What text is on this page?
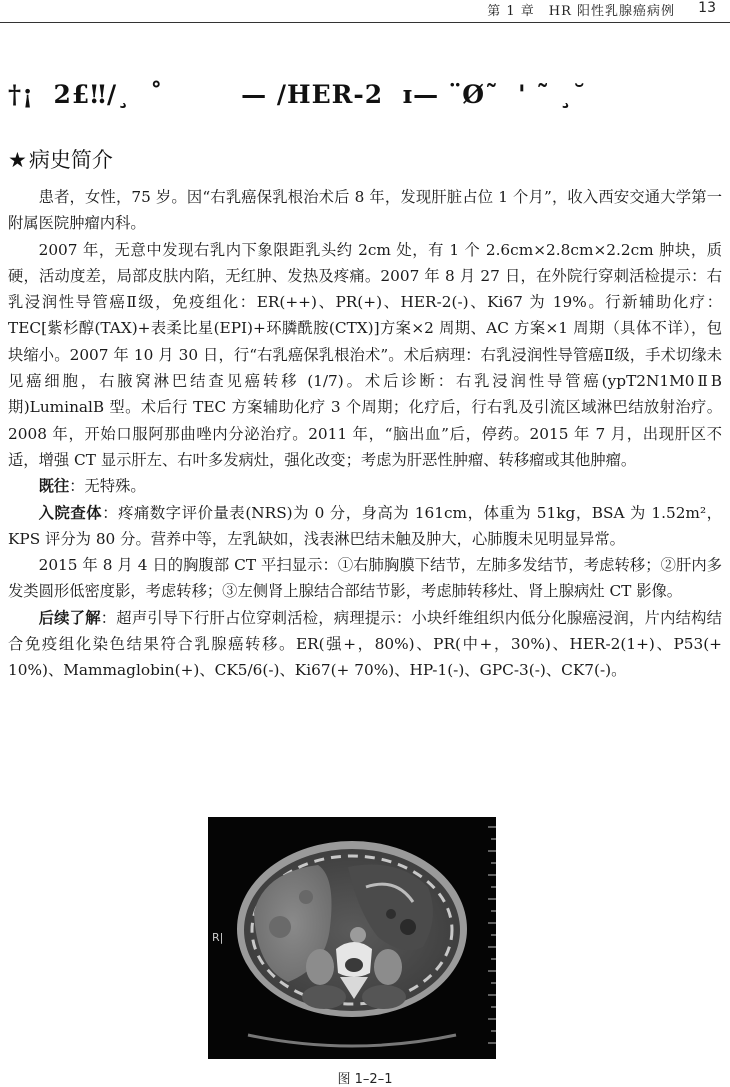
第 1 章　HR 阳性乳腺癌病例 13
†¡  2£‼/¸  ˚        — /HER-2  ɪ— ¨Ø˜  ' ˜ ¸˘
★病史简介

患者，女性，75 岁。因“右乳癌保乳根治术后 8 年，发现肝脏占位 1 个月”，收入西安交通大学第一附属医院肿瘤内科。

2007 年，无意中发现右乳内下象限距乳头约 2cm 处，有 1 个 2.6cm×2.8cm×2.2cm 肿块，质硬，活动度差，局部皮肤内陷，无红肿、发热及疼痛。2007 年 8 月 27 日，在外院行穿刺活检提示：右乳浸润性导管癌Ⅱ级，免疫组化：ER(++)、PR(+)、HER-2(-)、Ki67 为 19%。行新辅助化疗：TEC[紫杉醇(TAX)+表柔比星(EPI)+环膦酰胺(CTX)]方案×2 周期、AC 方案×1 周期（具体不详），包块缩小。2007 年 10 月 30 日，行“右乳癌保乳根治术”。术后病理：右乳浸润性导管癌Ⅱ级，手术切缘未见癌细胞，右腋窝淋巴结查见癌转移 (1/7)。术后诊断：右乳浸润性导管癌(ypT2N1M0ⅡB 期)LuminalB 型。术后行 TEC 方案辅助化疗 3 个周期；化疗后，行右乳及引流区域淋巴结放射治疗。2008 年，开始口服阿那曲唑内分泌治疗。2011 年，“脑出血”后，停药。2015 年 7 月，出现肝区不适，增强 CT 显示肝左、右叶多发病灶，强化改变；考虑为肝恶性肿瘤、转移瘤或其他肿瘤。

既往：无特殊。

入院查体：疼痛数字评价量表(NRS)为 0 分，身高为 161cm，体重为 51kg，BSA 为 1.52m²，KPS 评分为 80 分。营养中等，左乳缺如，浅表淋巴结未触及肿大，心肺腹未见明显异常。

2015 年 8 月 4 日的胸腹部 CT 平扫显示：①右肺胸膜下结节，左肺多发结节，考虑转移；②肝内多发类圆形低密度影，考虑转移；③左侧肾上腺结合部结节影，考虑肺转移灶、肾上腺病灶 CT 影像。

后续了解：超声引导下行肝占位穿刺活检，病理提示：小块纤维组织内低分化腺癌浸润，片内结构结合免疫组化染色结果符合乳腺癌转移。ER(强+，80%)、PR(中+，30%)、HER-2(1+)、P53(+ 10%)、Mammaglobin(+)、CK5/6(-)、Ki67(+ 70%)、HP-1(-)、GPC-3(-)、CK7(-)。

R|
图 1–2–1
